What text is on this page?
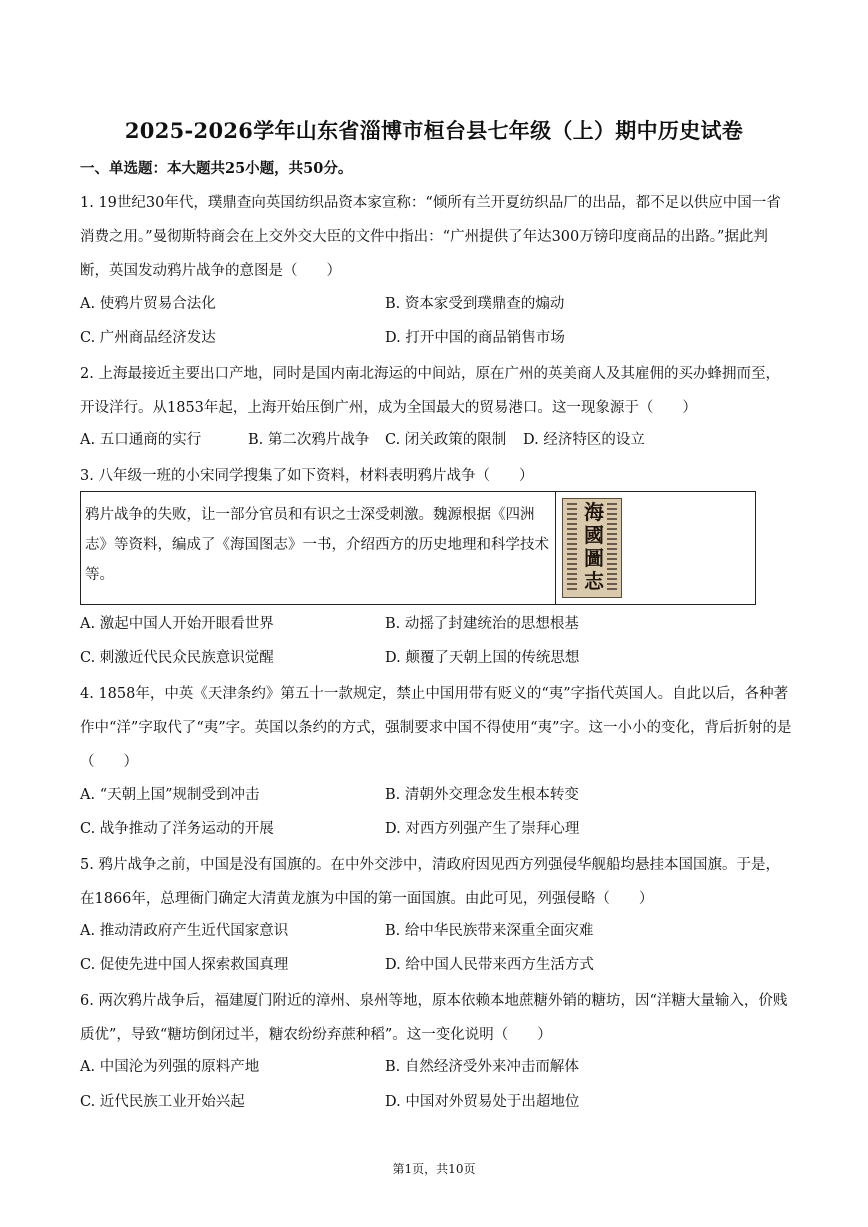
2025-2026学年山东省淄博市桓台县七年级（上）期中历史试卷
一、单选题：本大题共25小题，共50分。
1. 19世纪30年代，璞鼎查向英国纺织品资本家宣称：“倾所有兰开夏纺织品厂的出品，都不足以供应中国一省消费之用。”曼彻斯特商会在上交外交大臣的文件中指出：“广州提供了年达300万镑印度商品的出路。”据此判断，英国发动鸦片战争的意图是（　　）
A. 使鸦片贸易合法化	B. 资本家受到璞鼎查的煽动
C. 广州商品经济发达	D. 打开中国的商品销售市场
2. 上海最接近主要出口产地，同时是国内南北海运的中间站，原在广州的英美商人及其雇佣的买办蜂拥而至，开设洋行。从1853年起，上海开始压倒广州，成为全国最大的贸易港口。这一现象源于（　　）
A. 五口通商的实行	B. 第二次鸦片战争 C. 闭关政策的限制 D. 经济特区的设立
3. 八年级一班的小宋同学搜集了如下资料，材料表明鸦片战争（　　）
鸦片战争的失败，让一部分官员和有识之士深受刺激。魏源根据《四洲志》等资料，编成了《海国图志》一书，介绍西方的历史地理和科学技术等。
海國圖志
A. 激起中国人开始开眼看世界	B. 动摇了封建统治的思想根基
C. 刺激近代民众民族意识觉醒	D. 颠覆了天朝上国的传统思想
4. 1858年，中英《天津条约》第五十一款规定，禁止中国用带有贬义的“夷”字指代英国人。自此以后，各种著作中“洋”字取代了“夷”字。英国以条约的方式，强制要求中国不得使用“夷”字。这一小小的变化，背后折射的是（　　）
A. “天朝上国”规制受到冲击	B. 清朝外交理念发生根本转变
C. 战争推动了洋务运动的开展	D. 对西方列强产生了崇拜心理
5. 鸦片战争之前，中国是没有国旗的。在中外交涉中，清政府因见西方列强侵华舰船均悬挂本国国旗。于是，在1866年，总理衙门确定大清黄龙旗为中国的第一面国旗。由此可见，列强侵略（　　）
A. 推动清政府产生近代国家意识	B. 给中华民族带来深重全面灾难
C. 促使先进中国人探索救国真理	D. 给中国人民带来西方生活方式
6. 两次鸦片战争后，福建厦门附近的漳州、泉州等地，原本依赖本地蔗糖外销的糖坊，因“洋糖大量输入，价贱质优”，导致“糖坊倒闭过半，糖农纷纷弃蔗种稻”。这一变化说明（　　）
A. 中国沦为列强的原料产地	B. 自然经济受外来冲击而解体
C. 近代民族工业开始兴起	D. 中国对外贸易处于出超地位
第1页，共10页
